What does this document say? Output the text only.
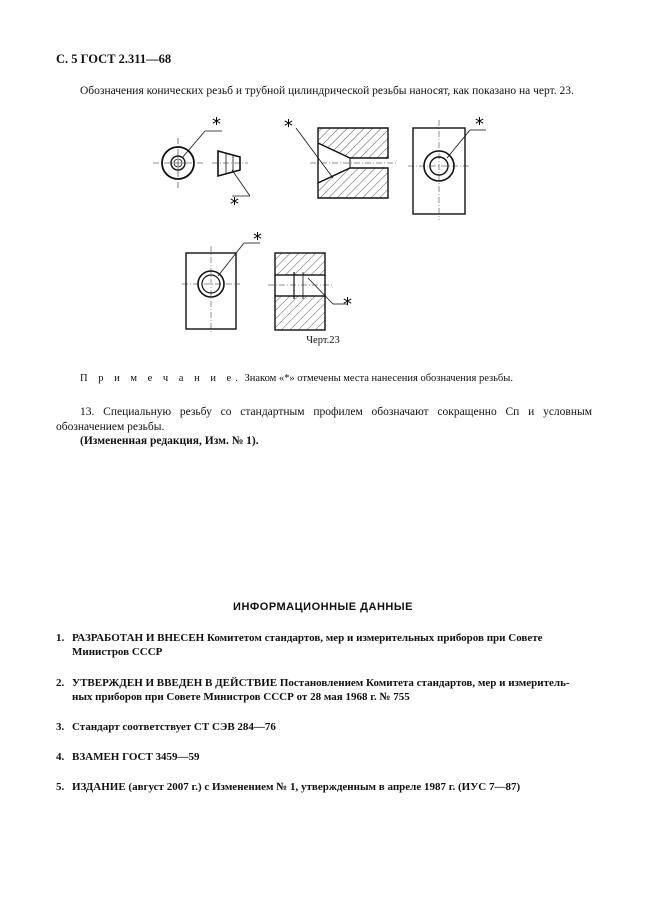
С. 5 ГОСТ 2.311—68
Обозначения конических резьб и трубной цилиндрической резьбы наносят, как показано на черт. 23.
*
*
*	*
*
*
Черт.23
П р и м е ч а н и е. Знаком «*» отмечены места нанесения обозначения резьбы.
13. Специальную резьбу со стандартным профилем обозначают сокращенно Сп и условным обозначением резьбы.
(Измененная редакция, Изм. № 1).
ИНФОРМАЦИОННЫЕ ДАННЫЕ
1. РАЗРАБОТАН И ВНЕСЕН Комитетом стандартов, мер и измерительных приборов при Совете
Министров СССР
2. УТВЕРЖДЕН И ВВЕДЕН В ДЕЙСТВИЕ Постановлением Комитета стандартов, мер и измеритель-
ных приборов при Совете Министров СССР от 28 мая 1968 г. № 755
3. Стандарт соответствует СТ СЭВ 284—76
4. ВЗАМЕН ГОСТ 3459—59
5. ИЗДАНИЕ (август 2007 г.) с Изменением № 1, утвержденным в апреле 1987 г. (ИУС 7—87)
